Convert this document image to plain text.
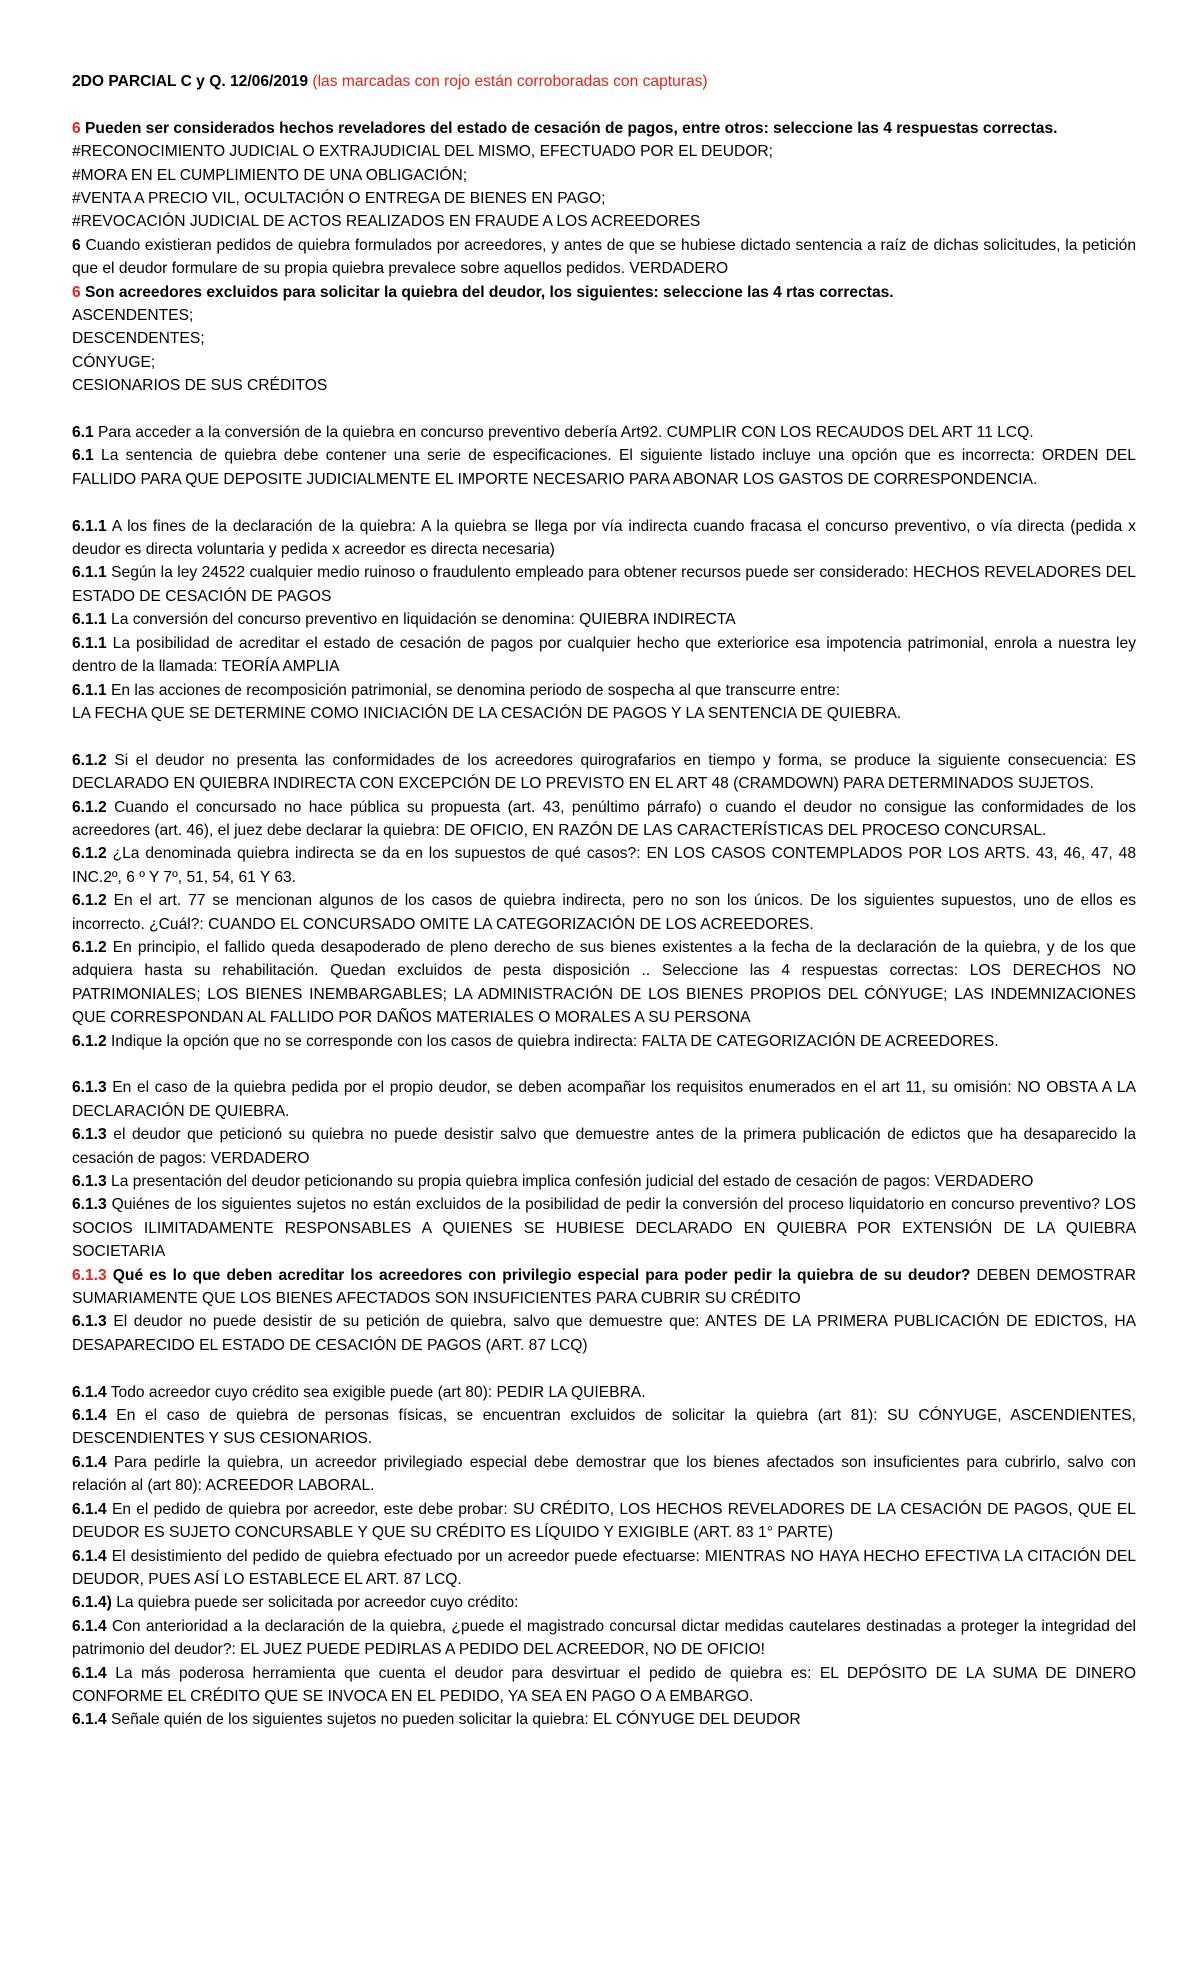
2DO PARCIAL C y Q. 12/06/2019 (las marcadas con rojo están corroboradas con capturas)
6 Pueden ser considerados hechos reveladores del estado de cesación de pagos, entre otros: seleccione las 4 respuestas correctas.
#RECONOCIMIENTO JUDICIAL O EXTRAJUDICIAL DEL MISMO, EFECTUADO POR EL DEUDOR;
#MORA EN EL CUMPLIMIENTO DE UNA OBLIGACIÓN;
#VENTA A PRECIO VIL, OCULTACIÓN O ENTREGA DE BIENES EN PAGO;
#REVOCACIÓN JUDICIAL DE ACTOS REALIZADOS EN FRAUDE A LOS ACREEDORES
6 Cuando existieran pedidos de quiebra formulados por acreedores, y antes de que se hubiese dictado sentencia a raíz de dichas solicitudes, la petición que el deudor formulare de su propia quiebra prevalece sobre aquellos pedidos. VERDADERO
6 Son acreedores excluidos para solicitar la quiebra del deudor, los siguientes: seleccione las 4 rtas correctas.
ASCENDENTES;
DESCENDENTES;
CÓNYUGE;
CESIONARIOS DE SUS CRÉDITOS
6.1 Para acceder a la conversión de la quiebra en concurso preventivo debería Art92. CUMPLIR CON LOS RECAUDOS DEL ART 11 LCQ.
6.1 La sentencia de quiebra debe contener una serie de especificaciones. El siguiente listado incluye una opción que es incorrecta: ORDEN DEL FALLIDO PARA QUE DEPOSITE JUDICIALMENTE EL IMPORTE NECESARIO PARA ABONAR LOS GASTOS DE CORRESPONDENCIA.
6.1.1 A los fines de la declaración de la quiebra: A la quiebra se llega por vía indirecta cuando fracasa el concurso preventivo, o vía directa (pedida x deudor es directa voluntaria y pedida x acreedor es directa necesaria)
6.1.1 Según la ley 24522 cualquier medio ruinoso o fraudulento empleado para obtener recursos puede ser considerado: HECHOS REVELADORES DEL ESTADO DE CESACIÓN DE PAGOS
6.1.1 La conversión del concurso preventivo en liquidación se denomina: QUIEBRA INDIRECTA
6.1.1 La posibilidad de acreditar el estado de cesación de pagos por cualquier hecho que exteriorice esa impotencia patrimonial, enrola a nuestra ley dentro de la llamada: TEORÍA AMPLIA
6.1.1 En las acciones de recomposición patrimonial, se denomina periodo de sospecha al que transcurre entre:
LA FECHA QUE SE DETERMINE COMO INICIACIÓN DE LA CESACIÓN DE PAGOS Y LA SENTENCIA DE QUIEBRA.
6.1.2 Si el deudor no presenta las conformidades de los acreedores quirografarios en tiempo y forma, se produce la siguiente consecuencia: ES DECLARADO EN QUIEBRA INDIRECTA CON EXCEPCIÓN DE LO PREVISTO EN EL ART 48 (CRAMDOWN) PARA DETERMINADOS SUJETOS.
6.1.2 Cuando el concursado no hace pública su propuesta (art. 43, penúltimo párrafo) o cuando el deudor no consigue las conformidades de los acreedores (art. 46), el juez debe declarar la quiebra: DE OFICIO, EN RAZÓN DE LAS CARACTERÍSTICAS DEL PROCESO CONCURSAL.
6.1.2 ¿La denominada quiebra indirecta se da en los supuestos de qué casos?: EN LOS CASOS CONTEMPLADOS POR LOS ARTS. 43, 46, 47, 48 INC.2º, 6 º Y 7º, 51, 54, 61 Y 63.
6.1.2 En el art. 77 se mencionan algunos de los casos de quiebra indirecta, pero no son los únicos. De los siguientes supuestos, uno de ellos es incorrecto. ¿Cuál?: CUANDO EL CONCURSADO OMITE LA CATEGORIZACIÓN DE LOS ACREEDORES.
6.1.2 En principio, el fallido queda desapoderado de pleno derecho de sus bienes existentes a la fecha de la declaración de la quiebra, y de los que adquiera hasta su rehabilitación. Quedan excluidos de pesta disposición .. Seleccione las 4 respuestas correctas: LOS DERECHOS NO PATRIMONIALES; LOS BIENES INEMBARGABLES; LA ADMINISTRACIÓN DE LOS BIENES PROPIOS DEL CÓNYUGE; LAS INDEMNIZACIONES QUE CORRESPONDAN AL FALLIDO POR DAÑOS MATERIALES O MORALES A SU PERSONA
6.1.2 Indique la opción que no se corresponde con los casos de quiebra indirecta: FALTA DE CATEGORIZACIÓN DE ACREEDORES.
6.1.3 En el caso de la quiebra pedida por el propio deudor, se deben acompañar los requisitos enumerados en el art 11, su omisión: NO OBSTA A LA DECLARACIÓN DE QUIEBRA.
6.1.3 el deudor que peticionó su quiebra no puede desistir salvo que demuestre antes de la primera publicación de edictos que ha desaparecido la cesación de pagos: VERDADERO
6.1.3 La presentación del deudor peticionando su propia quiebra implica confesión judicial del estado de cesación de pagos: VERDADERO
6.1.3 Quiénes de los siguientes sujetos no están excluidos de la posibilidad de pedir la conversión del proceso liquidatorio en concurso preventivo? LOS SOCIOS ILIMITADAMENTE RESPONSABLES A QUIENES SE HUBIESE DECLARADO EN QUIEBRA POR EXTENSIÓN DE LA QUIEBRA SOCIETARIA
6.1.3 Qué es lo que deben acreditar los acreedores con privilegio especial para poder pedir la quiebra de su deudor? DEBEN DEMOSTRAR SUMARIAMENTE QUE LOS BIENES AFECTADOS SON INSUFICIENTES PARA CUBRIR SU CRÉDITO
6.1.3 El deudor no puede desistir de su petición de quiebra, salvo que demuestre que: ANTES DE LA PRIMERA PUBLICACIÓN DE EDICTOS, HA DESAPARECIDO EL ESTADO DE CESACIÓN DE PAGOS (ART. 87 LCQ)
6.1.4 Todo acreedor cuyo crédito sea exigible puede (art 80): PEDIR LA QUIEBRA.
6.1.4 En el caso de quiebra de personas físicas, se encuentran excluidos de solicitar la quiebra (art 81): SU CÓNYUGE, ASCENDIENTES, DESCENDIENTES Y SUS CESIONARIOS.
6.1.4 Para pedirle la quiebra, un acreedor privilegiado especial debe demostrar que los bienes afectados son insuficientes para cubrirlo, salvo con relación al (art 80): ACREEDOR LABORAL.
6.1.4 En el pedido de quiebra por acreedor, este debe probar: SU CRÉDITO, LOS HECHOS REVELADORES DE LA CESACIÓN DE PAGOS, QUE EL DEUDOR ES SUJETO CONCURSABLE Y QUE SU CRÉDITO ES LÍQUIDO Y EXIGIBLE (ART. 83 1° PARTE)
6.1.4 El desistimiento del pedido de quiebra efectuado por un acreedor puede efectuarse: MIENTRAS NO HAYA HECHO EFECTIVA LA CITACIÓN DEL DEUDOR, PUES ASÍ LO ESTABLECE EL ART. 87 LCQ.
6.1.4) La quiebra puede ser solicitada por acreedor cuyo crédito:
6.1.4 Con anterioridad a la declaración de la quiebra, ¿puede el magistrado concursal dictar medidas cautelares destinadas a proteger la integridad del patrimonio del deudor?: EL JUEZ PUEDE PEDIRLAS A PEDIDO DEL ACREEDOR, NO DE OFICIO!
6.1.4 La más poderosa herramienta que cuenta el deudor para desvirtuar el pedido de quiebra es: EL DEPÓSITO DE LA SUMA DE DINERO CONFORME EL CRÉDITO QUE SE INVOCA EN EL PEDIDO, YA SEA EN PAGO O A EMBARGO.
6.1.4 Señale quién de los siguientes sujetos no pueden solicitar la quiebra: EL CÓNYUGE DEL DEUDOR
